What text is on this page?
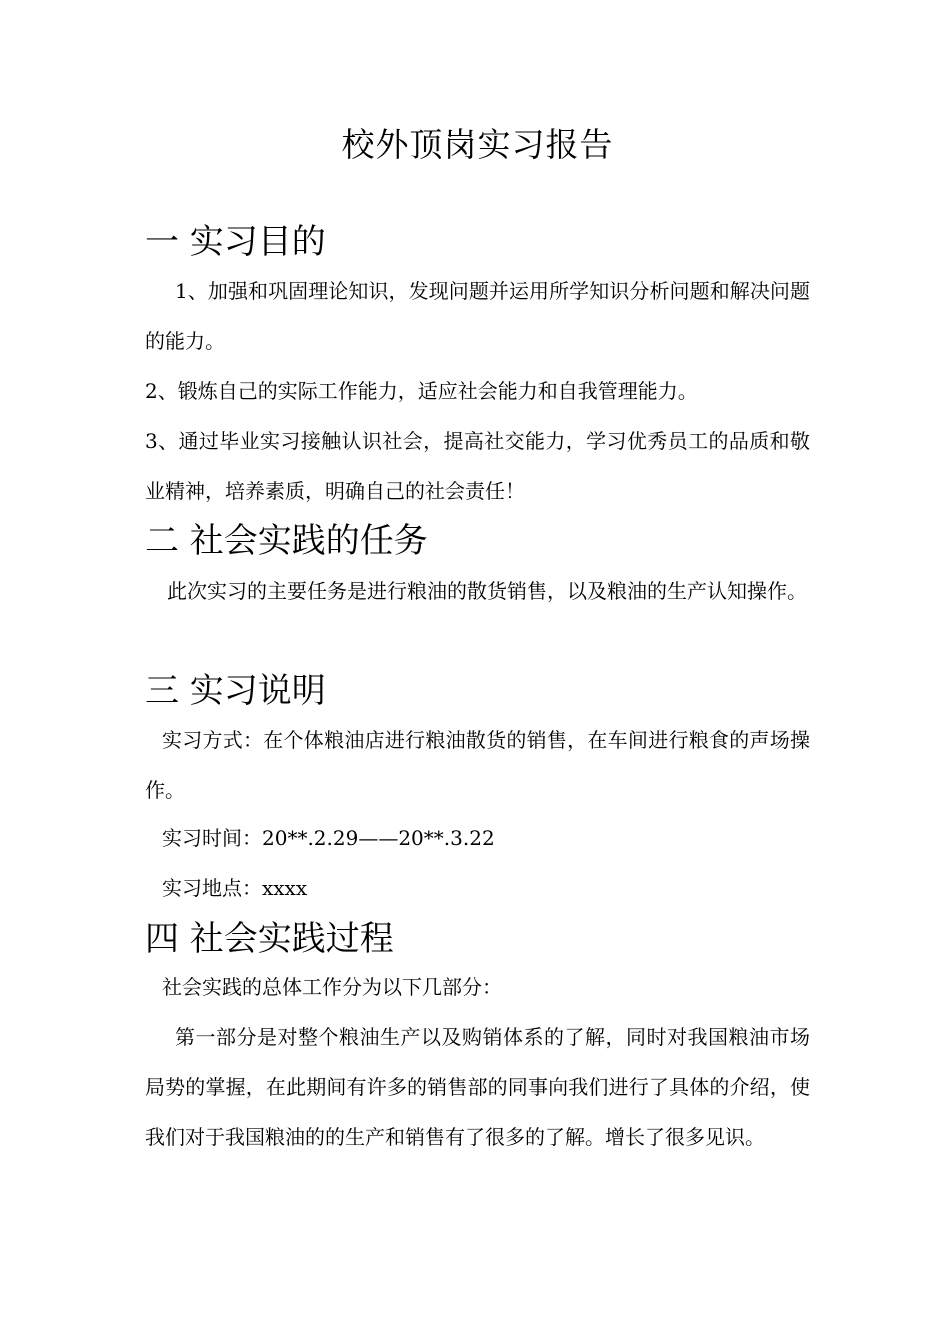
校外顶岗实习报告
一 实习目的
1、加强和巩固理论知识，发现问题并运用所学知识分析问题和解决问题的能力。
2、锻炼自己的实际工作能力，适应社会能力和自我管理能力。
3、通过毕业实习接触认识社会，提高社交能力，学习优秀员工的品质和敬业精神，培养素质，明确自己的社会责任！
二 社会实践的任务
此次实习的主要任务是进行粮油的散货销售，以及粮油的生产认知操作。
三 实习说明
实习方式：在个体粮油店进行粮油散货的销售，在车间进行粮食的声场操作。
实习时间：20**.2.29——20**.3.22
实习地点：xxxx
四 社会实践过程
社会实践的总体工作分为以下几部分：
第一部分是对整个粮油生产以及购销体系的了解，同时对我国粮油市场局势的掌握，在此期间有许多的销售部的同事向我们进行了具体的介绍，使我们对于我国粮油的的生产和销售有了很多的了解。增长了很多见识。
